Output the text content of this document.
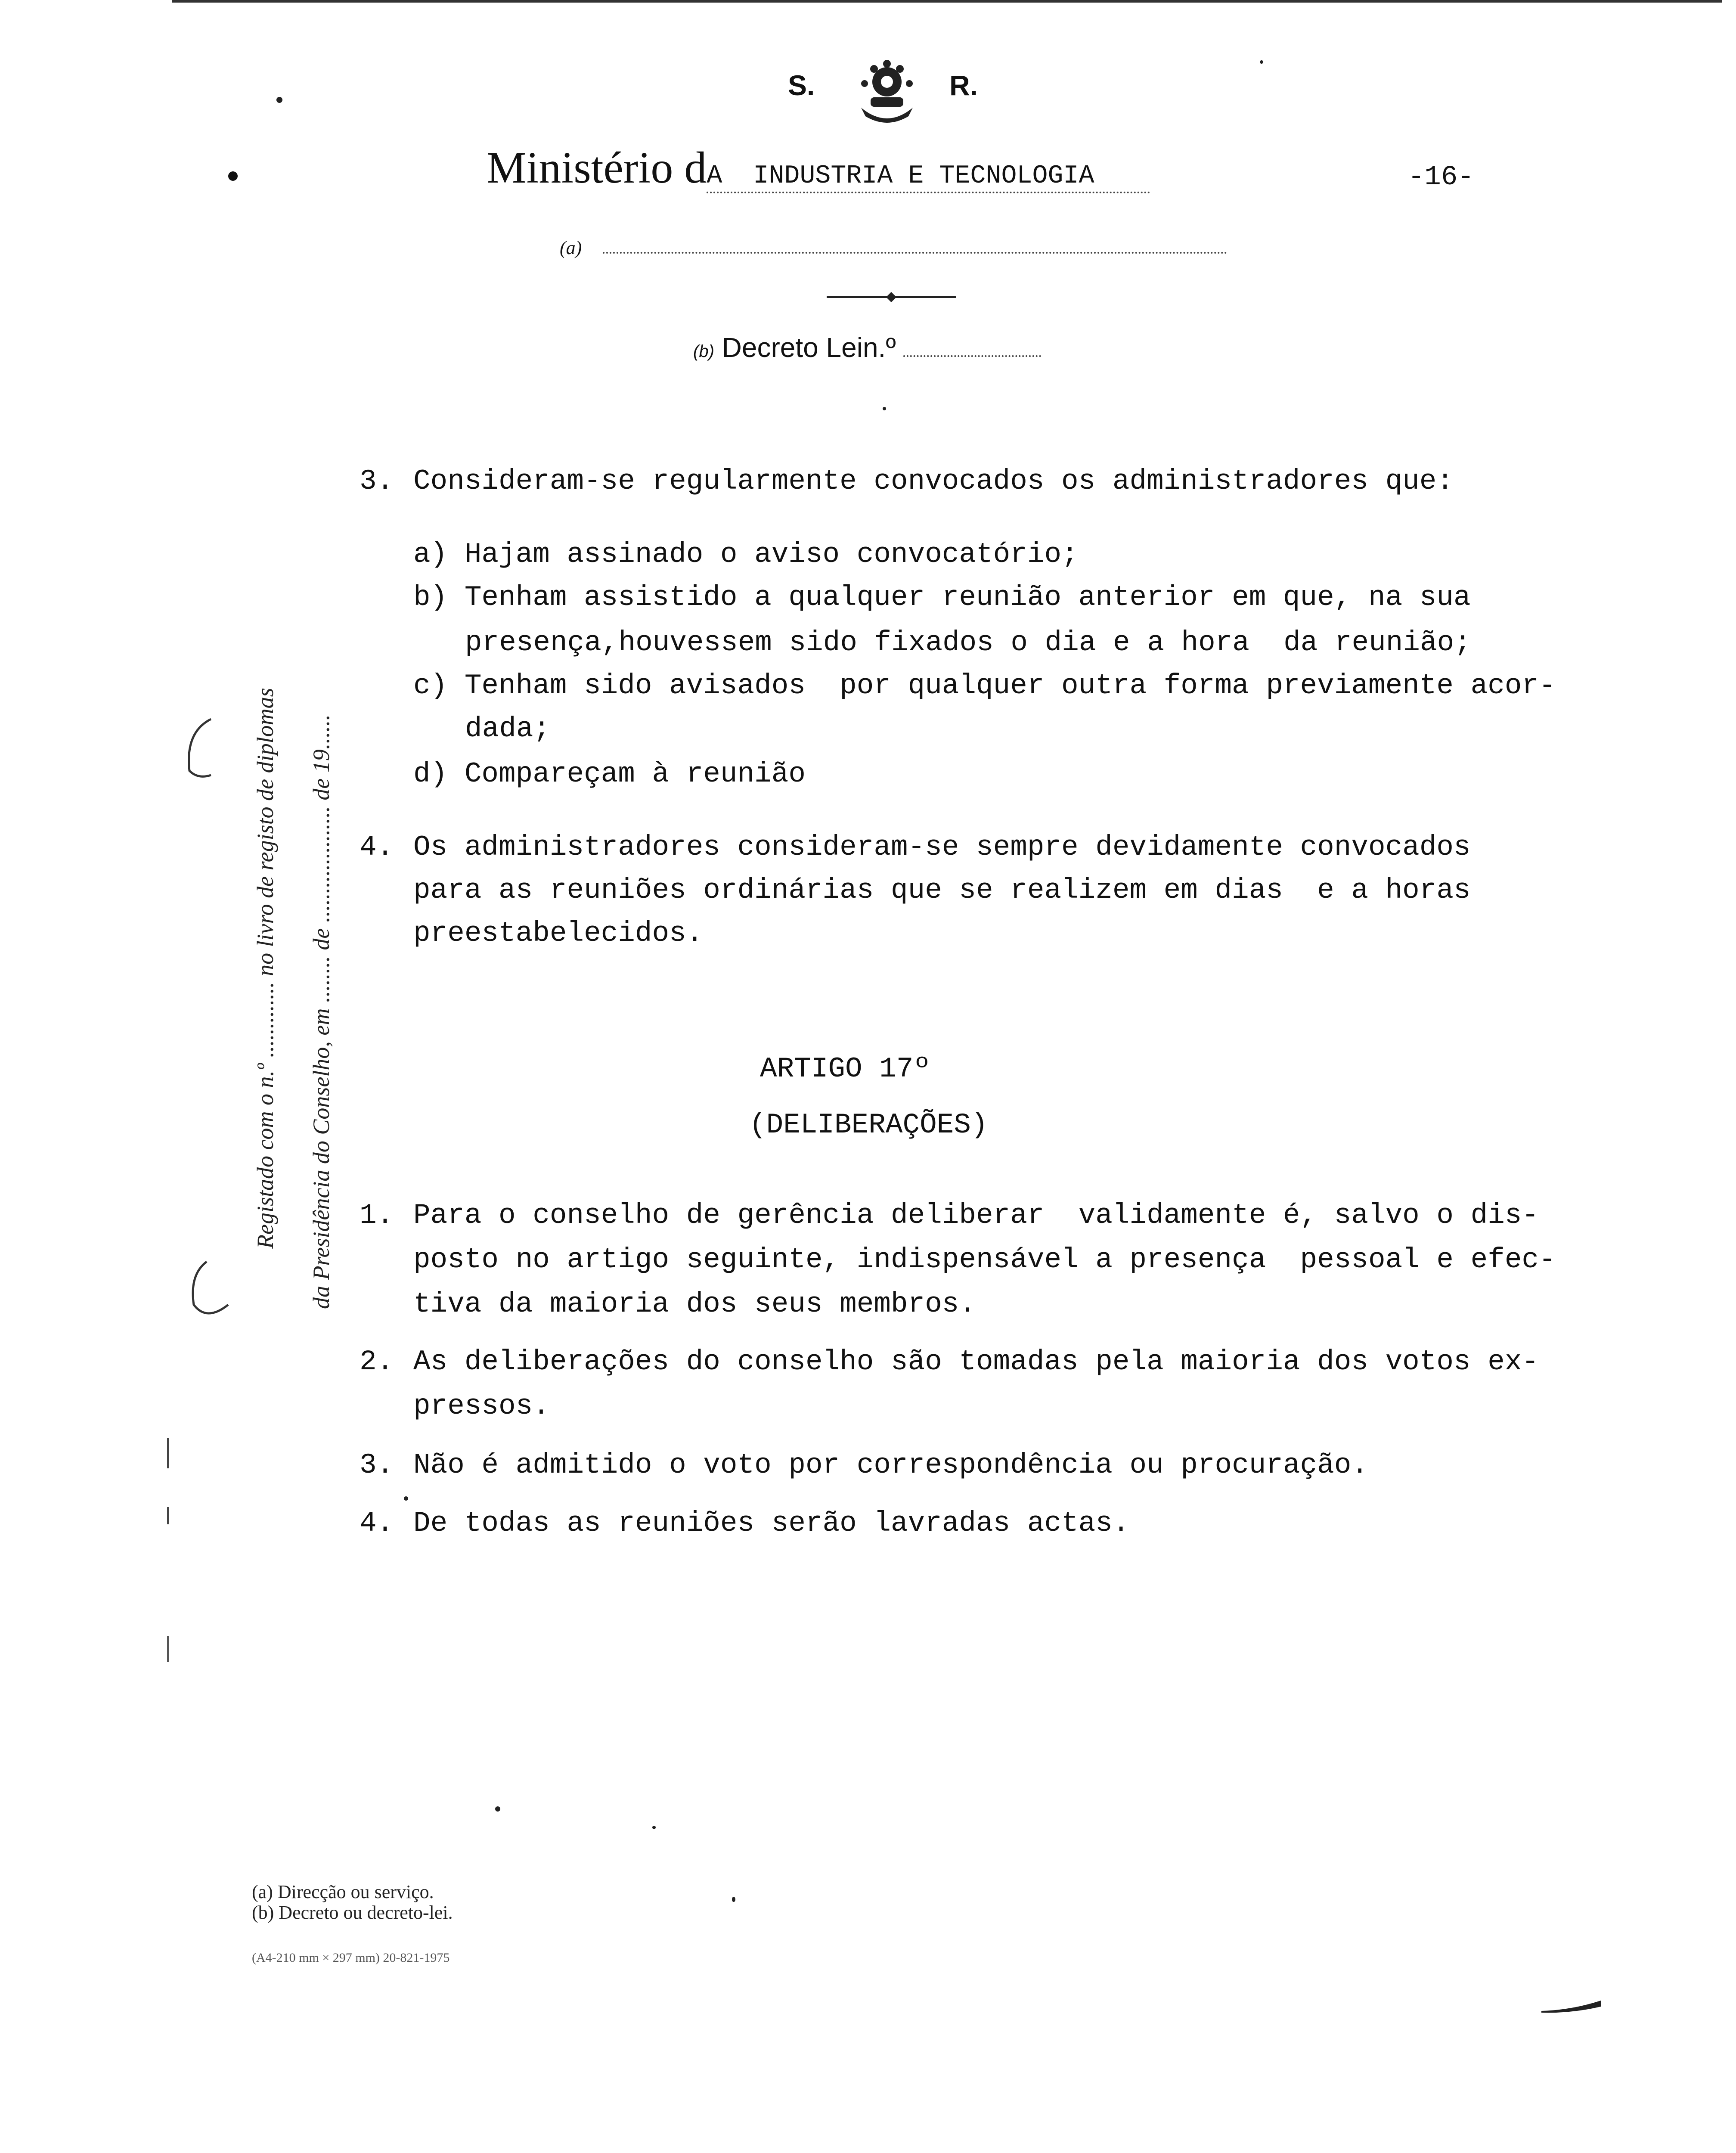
S.	R.
Ministério dA  INDUSTRIA E TECNOLOGIA	-16-
(a)
(b) Decreto Lein.º
Registado com o n.º ............. no livro de registo de diplomas da Presidência do Conselho, em ........ de .................... de 19......
3. Consideram-se regularmente convocados os administradores que:
a) Hajam assinado o aviso convocatório;
b) Tenham assistido a qualquer reunião anterior em que, na sua
presença,houvessem sido fixados o dia e a hora  da reunião;
c) Tenham sido avisados  por qualquer outra forma previamente acor-
dada;
d) Compareçam à reunião
4. Os administradores consideram-se sempre devidamente convocados
para as reuniões ordinárias que se realizem em dias  e a horas
preestabelecidos.
ARTIGO 17º
(DELIBERAÇÕES)
1. Para o conselho de gerência deliberar  validamente é, salvo o dis-
posto no artigo seguinte, indispensável a presença  pessoal e efec-
tiva da maioria dos seus membros.
2. As deliberações do conselho são tomadas pela maioria dos votos ex-
pressos.
3. Não é admitido o voto por correspondência ou procuração.
4. De todas as reuniões serão lavradas actas.
(a) Direcção ou serviço.
(b) Decreto ou decreto-lei.
(A4-210 mm × 297 mm) 20-821-1975
